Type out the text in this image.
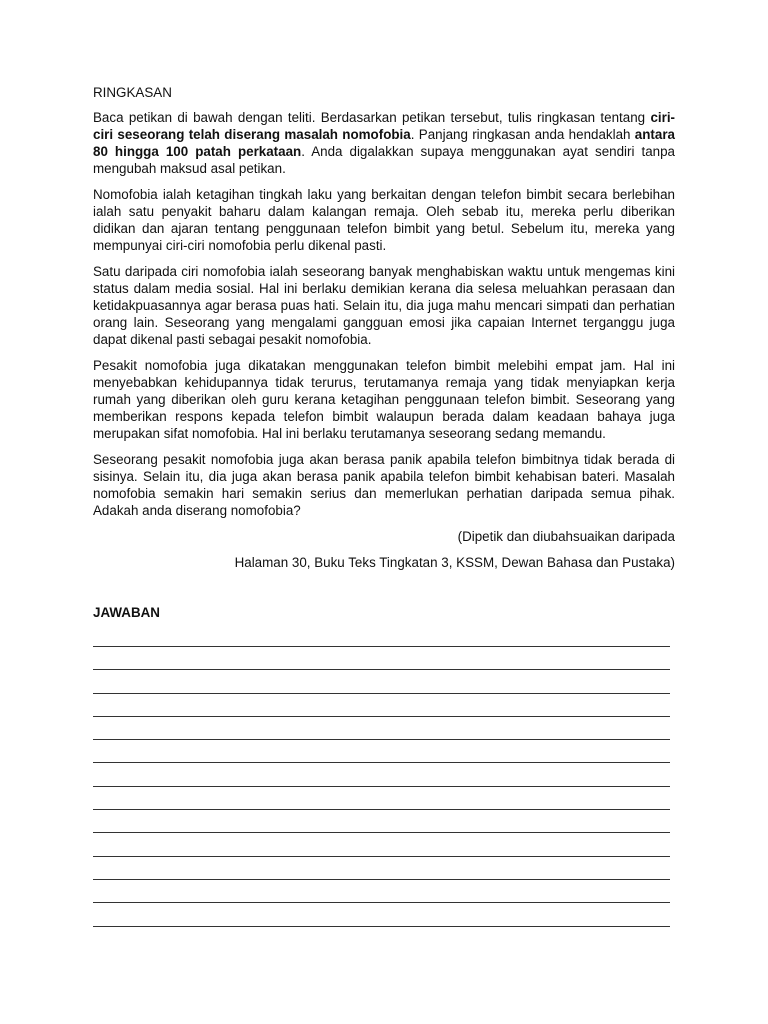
RINGKASAN

Baca petikan di bawah dengan teliti. Berdasarkan petikan tersebut, tulis ringkasan tentang ciri-ciri seseorang telah diserang masalah nomofobia. Panjang ringkasan anda hendaklah antara 80 hingga 100 patah perkataan. Anda digalakkan supaya menggunakan ayat sendiri tanpa mengubah maksud asal petikan.

Nomofobia ialah ketagihan tingkah laku yang berkaitan dengan telefon bimbit secara berlebihan ialah satu penyakit baharu dalam kalangan remaja. Oleh sebab itu, mereka perlu diberikan didikan dan ajaran tentang penggunaan telefon bimbit yang betul. Sebelum itu, mereka yang mempunyai ciri-ciri nomofobia perlu dikenal pasti.

Satu daripada ciri nomofobia ialah seseorang banyak menghabiskan waktu untuk mengemas kini status dalam media sosial. Hal ini berlaku demikian kerana dia selesa meluahkan perasaan dan ketidakpuasannya agar berasa puas hati. Selain itu, dia juga mahu mencari simpati dan perhatian orang lain. Seseorang yang mengalami gangguan emosi jika capaian Internet terganggu juga dapat dikenal pasti sebagai pesakit nomofobia.

Pesakit nomofobia juga dikatakan menggunakan telefon bimbit melebihi empat jam. Hal ini menyebabkan kehidupannya tidak terurus, terutamanya remaja yang tidak menyiapkan kerja rumah yang diberikan oleh guru kerana ketagihan penggunaan telefon bimbit. Seseorang yang memberikan respons kepada telefon bimbit walaupun berada dalam keadaan bahaya juga merupakan sifat nomofobia. Hal ini berlaku terutamanya seseorang sedang memandu.

Seseorang pesakit nomofobia juga akan berasa panik apabila telefon bimbitnya tidak berada di sisinya. Selain itu, dia juga akan berasa panik apabila telefon bimbit kehabisan bateri. Masalah nomofobia semakin hari semakin serius dan memerlukan perhatian daripada semua pihak. Adakah anda diserang nomofobia?

(Dipetik dan diubahsuaikan daripada

Halaman 30, Buku Teks Tingkatan 3, KSSM, Dewan Bahasa dan Pustaka)

JAWABAN
